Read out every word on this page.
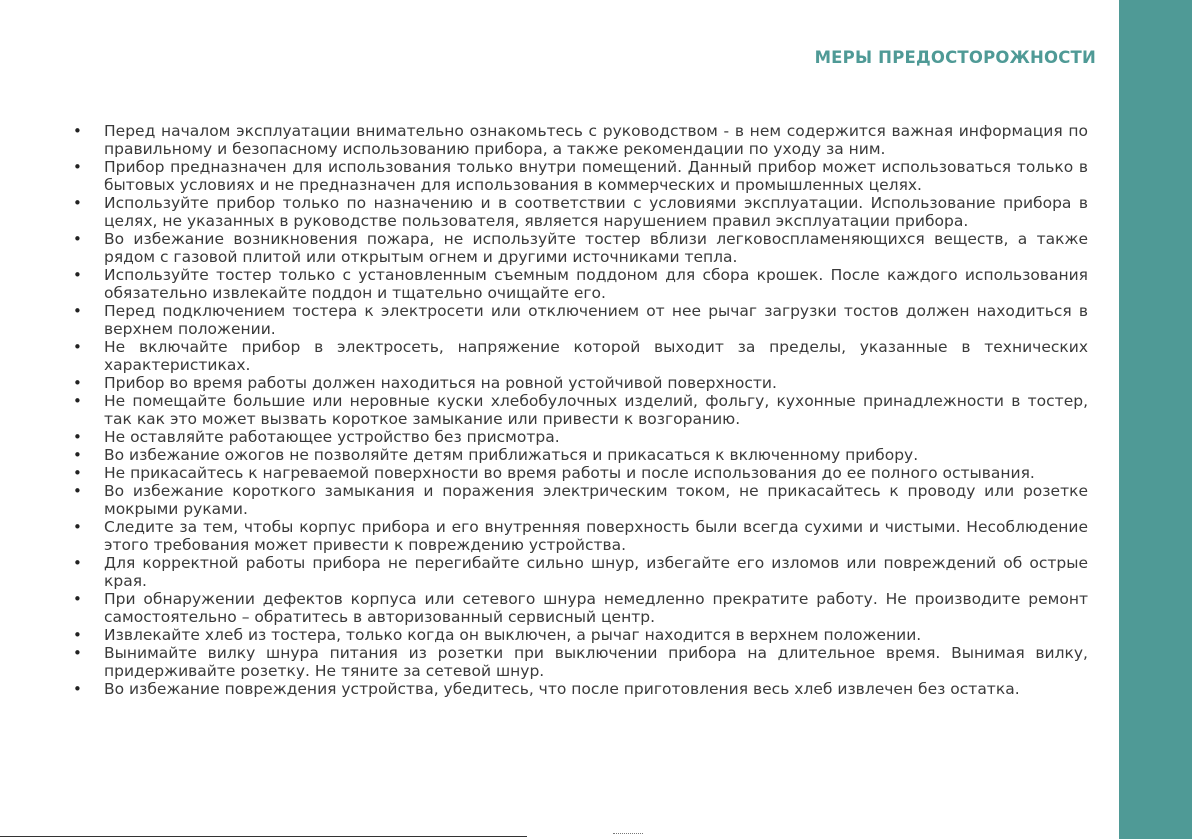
МЕРЫ ПРЕДОСТОРОЖНОСТИ
• Перед началом эксплуатации внимательно ознакомьтесь с руководством - в нем содержится важная информация по правильному и безопасному использованию прибора, а также рекомендации по уходу за ним.
• Прибор предназначен для использования только внутри помещений. Данный прибор может использоваться только в бытовых условиях и не предназначен для использования в коммерческих и промышленных целях.
• Используйте прибор только по назначению и в соответствии с условиями эксплуатации. Использование прибора в целях, не указанных в руководстве пользователя, является нарушением правил эксплуатации прибора.
• Во избежание возникновения пожара, не используйте тостер вблизи легковоспламеняющихся веществ, а также рядом с газовой плитой или открытым огнем и другими источниками тепла.
• Используйте тостер только с установленным съемным поддоном для сбора крошек. После каждого использования обязательно извлекайте поддон и тщательно очищайте его.
• Перед подключением тостера к электросети или отключением от нее рычаг загрузки тостов должен находиться в верхнем положении.
• Не включайте прибор в электросеть, напряжение которой выходит за пределы, указанные в технических характеристиках.
• Прибор во время работы должен находиться на ровной устойчивой поверхности.
• Не помещайте большие или неровные куски хлебобулочных изделий, фольгу, кухонные принадлежности в тостер, так как это может вызвать короткое замыкание или привести к возгоранию.
• Не оставляйте работающее устройство без присмотра.
• Во избежание ожогов не позволяйте детям приближаться и прикасаться к включенному прибору.
• Не прикасайтесь к нагреваемой поверхности во время работы и после использования до ее полного остывания.
• Во избежание короткого замыкания и поражения электрическим током, не прикасайтесь к проводу или розетке мокрыми руками.
• Следите за тем, чтобы корпус прибора и его внутренняя поверхность были всегда сухими и чистыми. Несоблюдение этого требования может привести к повреждению устройства.
• Для корректной работы прибора не перегибайте сильно шнур, избегайте его изломов или повреждений об острые края.
• При обнаружении дефектов корпуса или сетевого шнура немедленно прекратите работу. Не производите ремонт самостоятельно – обратитесь в авторизованный сервисный центр.
• Извлекайте хлеб из тостера, только когда он выключен, а рычаг находится в верхнем положении.
• Вынимайте вилку шнура питания из розетки при выключении прибора на длительное время. Вынимая вилку, придерживайте розетку. Не тяните за сетевой шнур.
• Во избежание повреждения устройства, убедитесь, что после приготовления весь хлеб извлечен без остатка.
